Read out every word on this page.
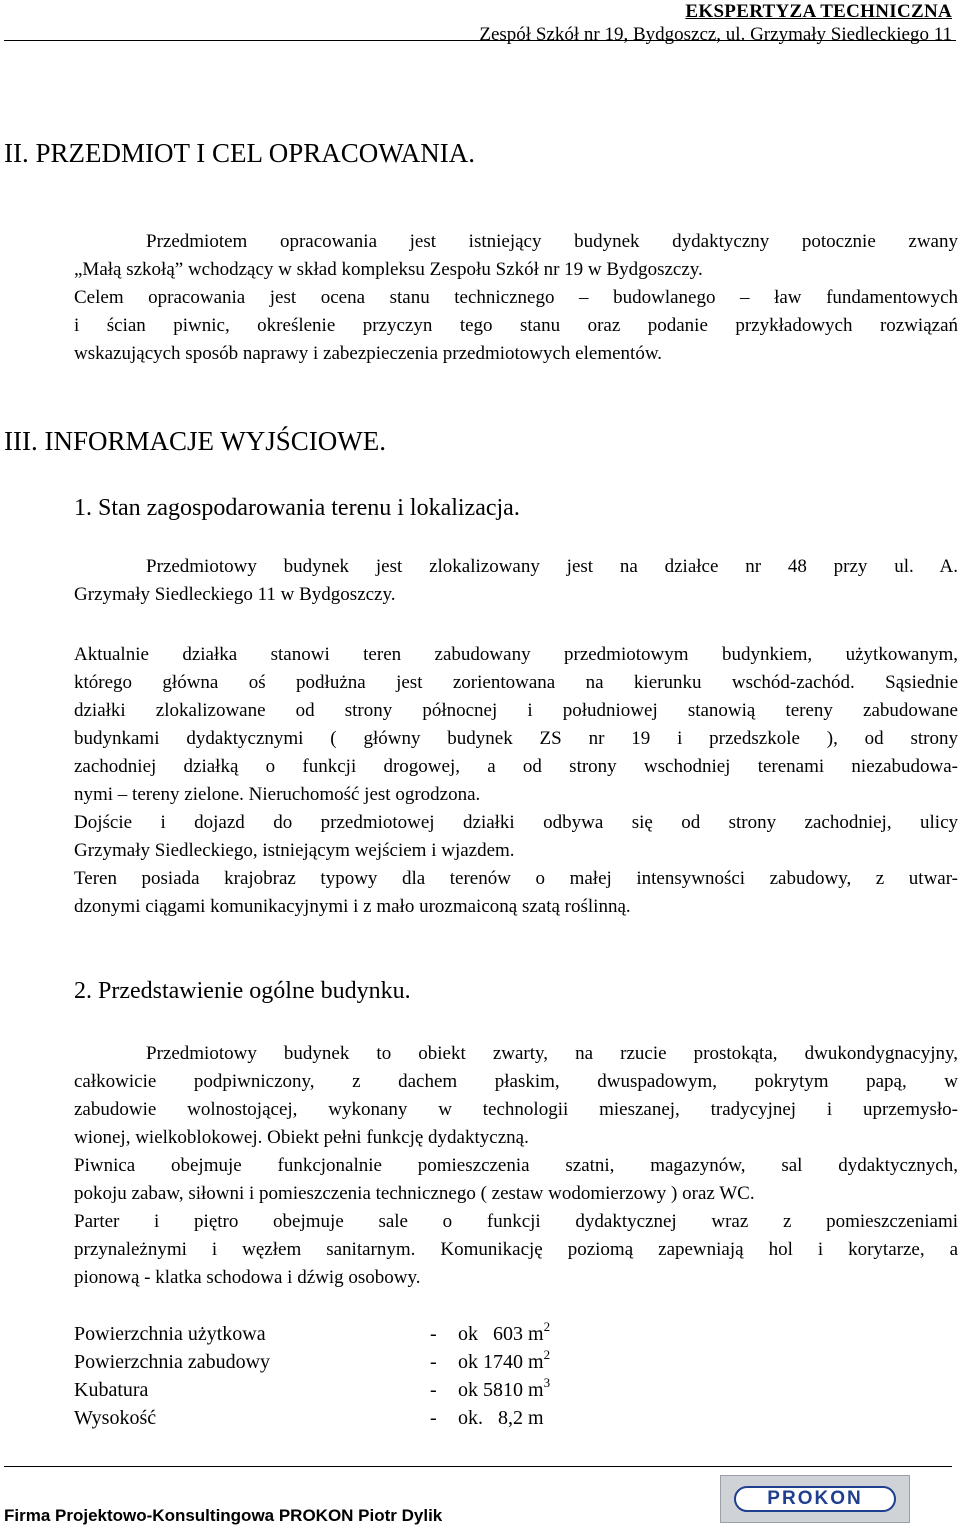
EKSPERTYZA TECHNICZNA
Zespół Szkół nr 19, Bydgoszcz, ul. Grzymały Siedleckiego 11
II. PRZEDMIOT I CEL OPRACOWANIA.
Przedmiotem opracowania jest istniejący budynek dydaktyczny potocznie zwany
„Małą szkołą” wchodzący w skład kompleksu Zespołu Szkół nr 19 w Bydgoszczy.
Celem opracowania jest ocena stanu technicznego – budowlanego – ław fundamentowych
i ścian piwnic, określenie przyczyn tego stanu oraz podanie przykładowych rozwiązań
wskazujących sposób naprawy i zabezpieczenia przedmiotowych elementów.
III. INFORMACJE WYJŚCIOWE.
1. Stan zagospodarowania terenu i lokalizacja.
Przedmiotowy budynek jest zlokalizowany jest na działce nr 48 przy ul. A.
Grzymały Siedleckiego 11 w Bydgoszczy.
Aktualnie działka stanowi teren zabudowany przedmiotowym budynkiem, użytkowanym,
którego główna oś podłużna jest zorientowana na kierunku wschód-zachód. Sąsiednie
działki zlokalizowane od strony północnej i południowej stanowią tereny zabudowane
budynkami dydaktycznymi ( główny budynek ZS nr 19 i przedszkole ), od strony
zachodniej działką o funkcji drogowej, a od strony wschodniej terenami niezabudowa-
nymi – tereny zielone. Nieruchomość jest ogrodzona.
Dojście i dojazd do przedmiotowej działki odbywa się od strony zachodniej, ulicy
Grzymały Siedleckiego, istniejącym wejściem i wjazdem.
Teren posiada krajobraz typowy dla terenów o małej intensywności zabudowy, z utwar-
dzonymi ciągami komunikacyjnymi i z mało urozmaiconą szatą roślinną.
2. Przedstawienie ogólne budynku.
Przedmiotowy budynek to obiekt zwarty, na rzucie prostokąta, dwukondygnacyjny,
całkowicie podpiwniczony, z dachem płaskim, dwuspadowym, pokrytym papą, w
zabudowie wolnostojącej, wykonany w technologii mieszanej, tradycyjnej i uprzemysło-
wionej, wielkoblokowej. Obiekt pełni funkcję dydaktyczną.
Piwnica obejmuje funkcjonalnie pomieszczenia szatni, magazynów, sal dydaktycznych,
pokoju zabaw, siłowni i pomieszczenia technicznego ( zestaw wodomierzowy ) oraz WC.
Parter i piętro obejmuje sale o funkcji dydaktycznej wraz z pomieszczeniami
przynależnymi i węzłem sanitarnym. Komunikację poziomą zapewniają hol i korytarze, a
pionową - klatka schodowa i dźwig osobowy.
Powierzchnia użytkowa	-	ok   603 $m^2$
Powierzchnia zabudowy	-	ok 1740 $m^2$
Kubatura	-	ok 5810 $m^3$
Wysokość	-	ok.   8,2 m
Firma Projektowo-Konsultingowa PROKON Piotr Dylik
PROKON
